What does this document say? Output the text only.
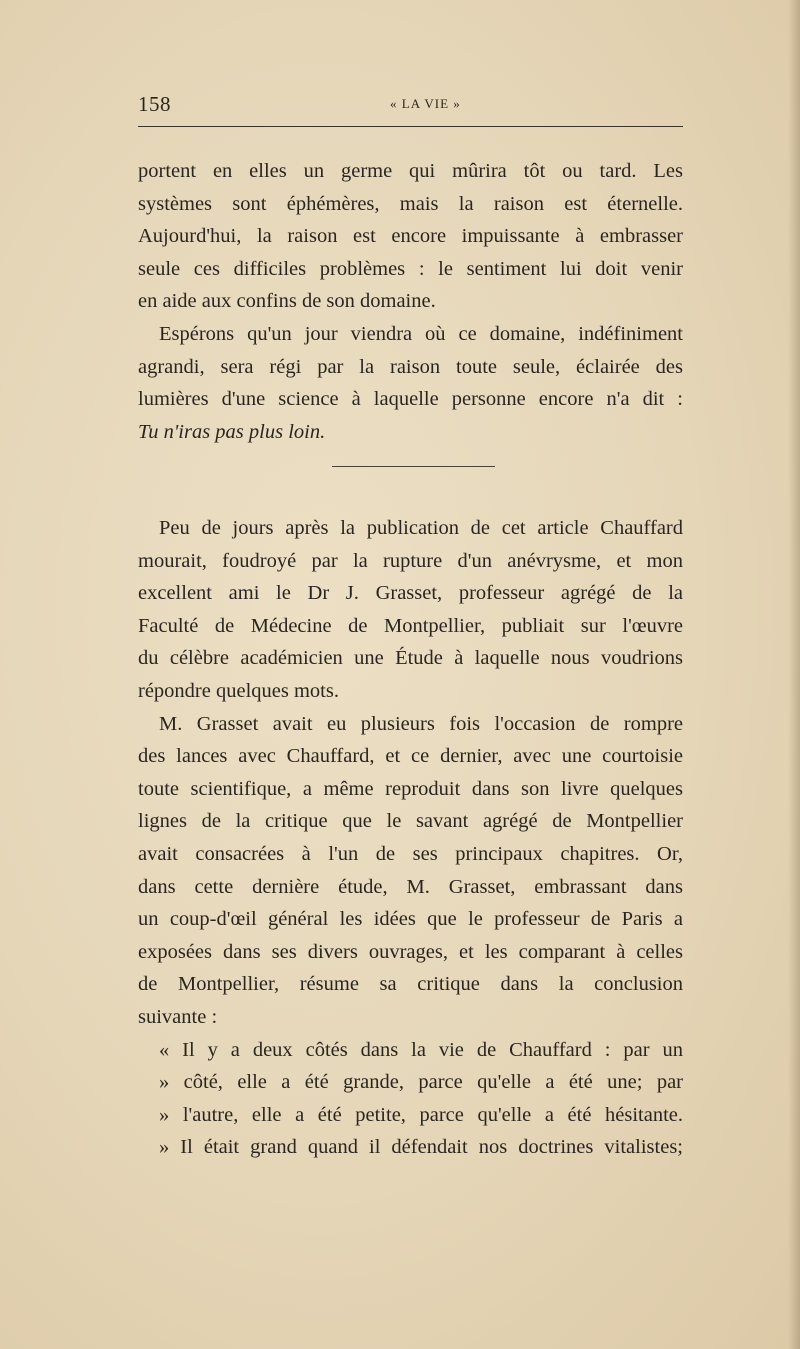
158	« LA VIE »
portent en elles un germe qui mûrira tôt ou tard. Les
systèmes sont éphémères, mais la raison est éternelle.
Aujourd'hui, la raison est encore impuissante à embrasser
seule ces difficiles problèmes : le sentiment lui doit venir
en aide aux confins de son domaine.
Espérons qu'un jour viendra où ce domaine, indéfiniment
agrandi, sera régi par la raison toute seule, éclairée des
lumières d'une science à laquelle personne encore n'a dit :
Tu n'iras pas plus loin.
Peu de jours après la publication de cet article Chauffard
mourait, foudroyé par la rupture d'un anévrysme, et mon
excellent ami le Dr J. Grasset, professeur agrégé de la
Faculté de Médecine de Montpellier, publiait sur l'œuvre
du célèbre académicien une Étude à laquelle nous voudrions
répondre quelques mots.
M. Grasset avait eu plusieurs fois l'occasion de rompre
des lances avec Chauffard, et ce dernier, avec une courtoisie
toute scientifique, a même reproduit dans son livre quelques
lignes de la critique que le savant agrégé de Montpellier
avait consacrées à l'un de ses principaux chapitres. Or,
dans cette dernière étude, M. Grasset, embrassant dans
un coup-d'œil général les idées que le professeur de Paris a
exposées dans ses divers ouvrages, et les comparant à celles
de Montpellier, résume sa critique dans la conclusion
suivante :
« Il y a deux côtés dans la vie de Chauffard : par un
» côté, elle a été grande, parce qu'elle a été une; par
» l'autre, elle a été petite, parce qu'elle a été hésitante.
» Il était grand quand il défendait nos doctrines vitalistes;
